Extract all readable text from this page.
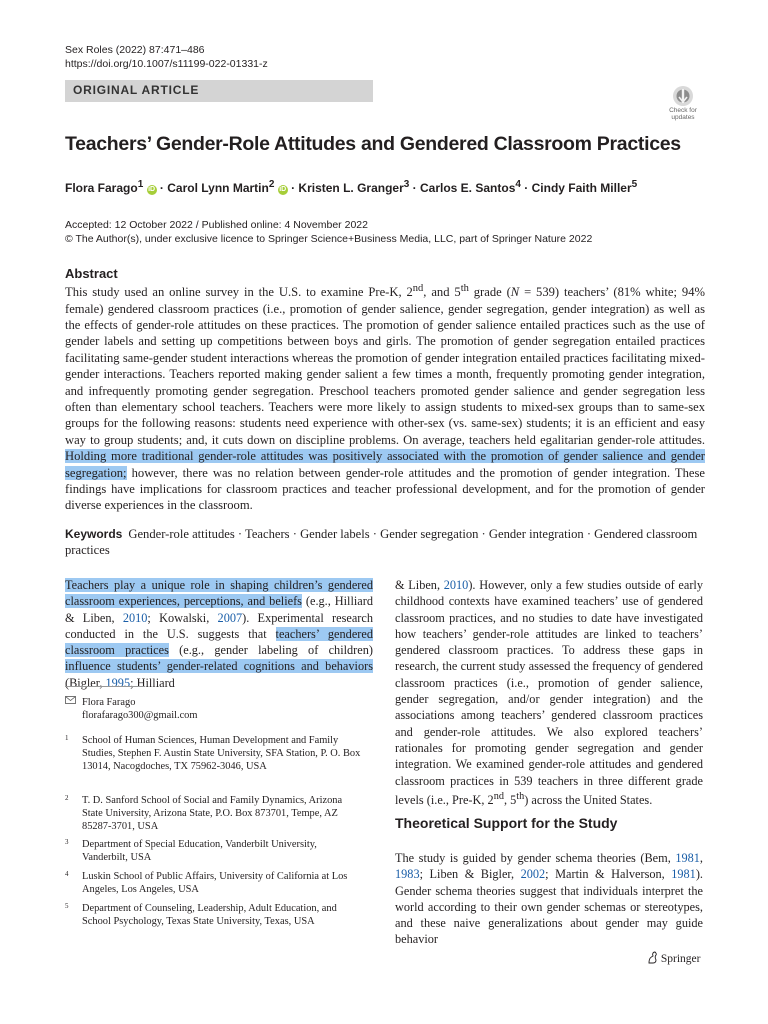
Sex Roles (2022) 87:471–486
https://doi.org/10.1007/s11199-022-01331-z
ORIGINAL ARTICLE
Check for updates
Teachers’ Gender-Role Attitudes and Gendered Classroom Practices
Flora Farago$^1$ iD · Carol Lynn Martin$^2$ iD · Kristen L. Granger$^3$ · Carlos E. Santos$^4$ · Cindy Faith Miller$^5$
Accepted: 12 October 2022 / Published online: 4 November 2022
© The Author(s), under exclusive licence to Springer Science+Business Media, LLC, part of Springer Nature 2022
Abstract
This study used an online survey in the U.S. to examine Pre-K, 2nd, and 5th grade (N = 539) teachers’ (81% white; 94% female) gendered classroom practices (i.e., promotion of gender salience, gender segregation, gender integration) as well as the effects of gender-role attitudes on these practices. The promotion of gender salience entailed practices such as the use of gender labels and setting up competitions between boys and girls. The promotion of gender segregation entailed practices facilitating same-gender student interactions whereas the promotion of gender integration entailed practices facilitating mixed-gender interactions. Teachers reported making gender salient a few times a month, frequently promoting gender integration, and infrequently promoting gender segregation. Preschool teachers promoted gender salience and gender segregation less often than elementary school teachers. Teachers were more likely to assign students to mixed-sex groups than to same-sex groups for the following reasons: students need experience with other-sex (vs. same-sex) students; it is an efficient and easy way to group students; and, it cuts down on discipline problems. On average, teachers held egalitarian gender-role attitudes. Holding more traditional gender-role attitudes was positively associated with the promotion of gender salience and gender segregation; however, there was no relation between gender-role attitudes and the promotion of gender integration. These findings have implications for classroom practices and teacher professional development, and for the promotion of gender diverse experiences in the classroom.
Keywords Gender-role attitudes · Teachers · Gender labels · Gender segregation · Gender integration · Gendered classroom practices
Teachers play a unique role in shaping children’s gendered classroom experiences, perceptions, and beliefs (e.g., Hilliard & Liben, 2010; Kowalski, 2007). Experimental research conducted in the U.S. suggests that teachers’ gendered classroom practices (e.g., gender labeling of children) influence students’ gender-related cognitions and behaviors (Bigler, 1995; Hilliard
Flora Farago
florafarago300@gmail.com
1 School of Human Sciences, Human Development and Family Studies, Stephen F. Austin State University, SFA Station, P. O. Box 13014, Nacogdoches, TX 75962-3046, USA
2 T. D. Sanford School of Social and Family Dynamics, Arizona State University, Arizona State, P.O. Box 873701, Tempe, AZ 85287-3701, USA
3 Department of Special Education, Vanderbilt University, Vanderbilt, USA
4 Luskin School of Public Affairs, University of California at Los Angeles, Los Angeles, USA
5 Department of Counseling, Leadership, Adult Education, and School Psychology, Texas State University, Texas, USA
& Liben, 2010). However, only a few studies outside of early childhood contexts have examined teachers’ use of gendered classroom practices, and no studies to date have investigated how teachers’ gender-role attitudes are linked to teachers’ gendered classroom practices. To address these gaps in research, the current study assessed the frequency of gendered classroom practices (i.e., promotion of gender salience, gender segregation, and/or gender integration) and the associations among teachers’ gendered classroom practices and gender-role attitudes. We also explored teachers’ rationales for promoting gender segregation and gender integration. We examined gender-role attitudes and gendered classroom practices in 539 teachers in three different grade levels (i.e., Pre-K, 2nd, 5th) across the United States.
Theoretical Support for the Study
The study is guided by gender schema theories (Bem, 1981, 1983; Liben & Bigler, 2002; Martin & Halverson, 1981). Gender schema theories suggest that individuals interpret the world according to their own gender schemas or stereotypes, and these naive generalizations about gender may guide behavior
Springer
